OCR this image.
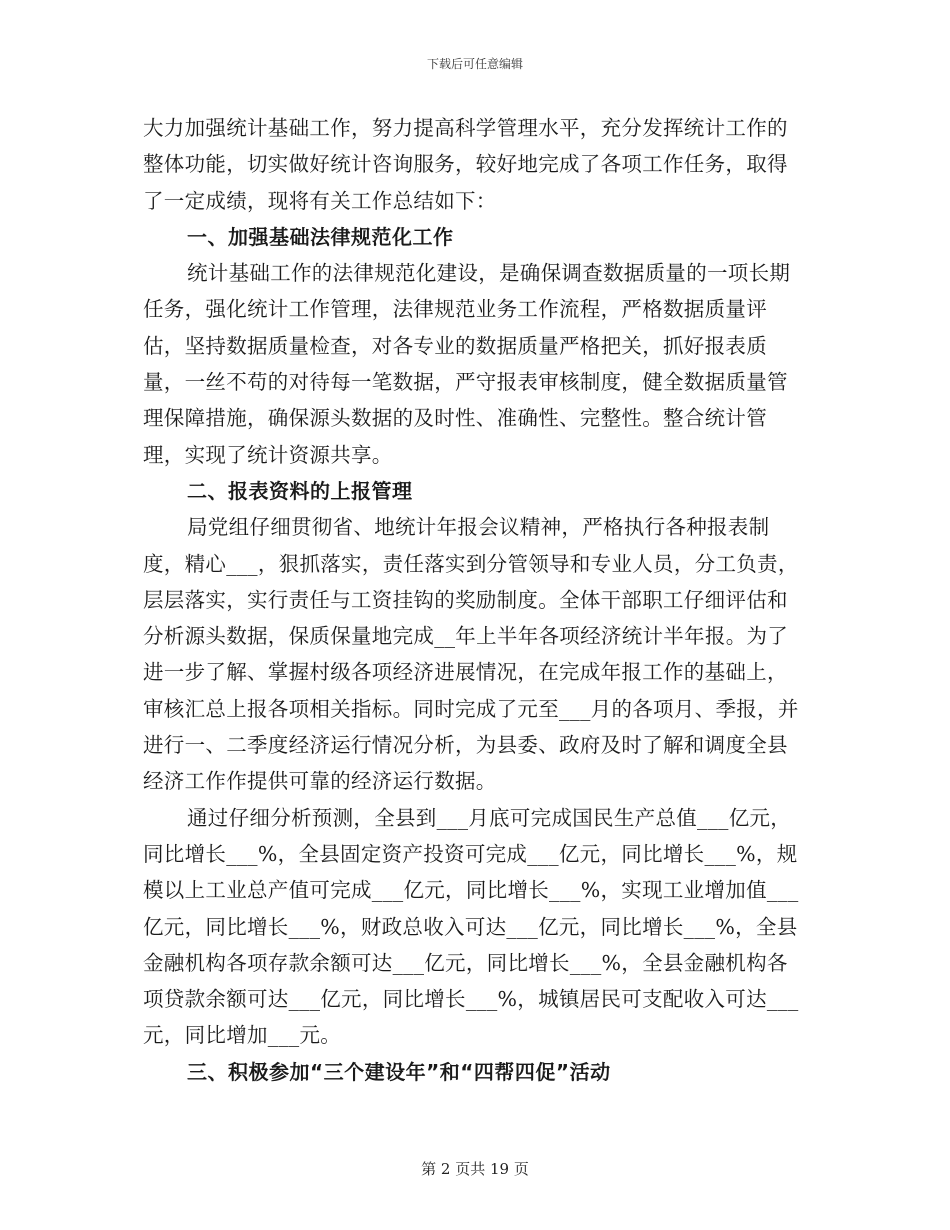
下载后可任意编辑

大力加强统计基础工作，努力提高科学管理水平，充分发挥统计工作的整体功能，切实做好统计咨询服务，较好地完成了各项工作任务，取得了一定成绩，现将有关工作总结如下：

一、加强基础法律规范化工作

统计基础工作的法律规范化建设，是确保调查数据质量的一项长期任务，强化统计工作管理，法律规范业务工作流程，严格数据质量评估，坚持数据质量检查，对各专业的数据质量严格把关，抓好报表质量，一丝不苟的对待每一笔数据，严守报表审核制度，健全数据质量管理保障措施，确保源头数据的及时性、准确性、完整性。整合统计管理，实现了统计资源共享。

二、报表资料的上报管理

局党组仔细贯彻省、地统计年报会议精神，严格执行各种报表制度，精心___，狠抓落实，责任落实到分管领导和专业人员，分工负责，层层落实，实行责任与工资挂钩的奖励制度。全体干部职工仔细评估和分析源头数据，保质保量地完成__年上半年各项经济统计半年报。为了进一步了解、掌握村级各项经济进展情况，在完成年报工作的基础上，审核汇总上报各项相关指标。同时完成了元至___月的各项月、季报，并进行一、二季度经济运行情况分析，为县委、政府及时了解和调度全县经济工作作提供可靠的经济运行数据。

通过仔细分析预测，全县到___月底可完成国民生产总值___亿元，同比增长___%，全县固定资产投资可完成___亿元，同比增长___%，规模以上工业总产值可完成___亿元，同比增长___%，实现工业增加值___亿元，同比增长___%，财政总收入可达___亿元，同比增长___%，全县金融机构各项存款余额可达___亿元，同比增长___%，全县金融机构各项贷款余额可达___亿元，同比增长___%，城镇居民可支配收入可达___元，同比增加___元。

三、积极参加“三个建设年”和“四帮四促”活动

第 2 页共 19 页
